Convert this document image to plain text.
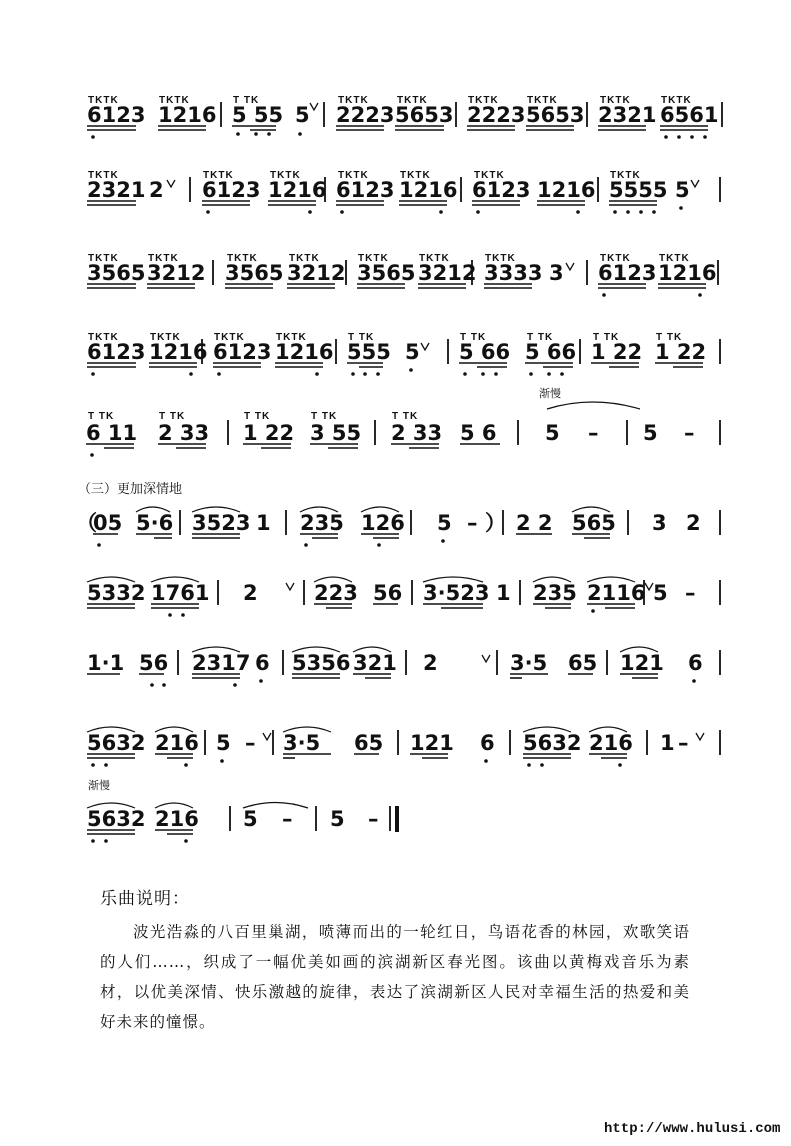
TKTK	TKTK	T TK	TKTK	TKTK	TKTK	TKTK	TKTK	TKTK
6123 1216 5 55 5 2223 5653 2223 5653 2321 6561
TKTK	TKTK	TKTK	TKTK	TKTK	TKTK	TKTK
2321 2 6123 1216 6123 1216 6123 1216 5555 5
TKTK	TKTK	TKTK	TKTK	TKTK	TKTK	TKTK	TKTK	TKTK
3565 3212 3565 3212 3565 3212 3333 3 6123 1216
TKTK	TKTK	TKTK	TKTK	T TK	T TK	T TK	T TK	T TK
6123 1216 6123 1216 555 5 5 66 5 66 1 22 1 22
T TK	T TK	T TK	T TK	T TK
渐慢
6 11 2 33 1 22 3 55 2 33 5 6 5 – 5 –
（
05 5·6 3523 1 235 126 5 – ） 2 2 565 3 2
5332 1761 2	223 56 3·523 1 235 2116 5 –
1·1 56 2317 6 5356 321 2	3·5 65 121 6
5632 216 5 – 3·5 65 121 6 5632 216 1 –
渐慢
5632 216 5 – 5 –
（三）更加深情地
乐曲说明：
波光浩淼的八百里巢湖，喷薄而出的一轮红日，鸟语花香的林园，欢歌笑语的人们……，织成了一幅优美如画的滨湖新区春光图。该曲以黄梅戏音乐为素材，以优美深情、快乐激越的旋律，表达了滨湖新区人民对幸福生活的热爱和美好未来的憧憬。
http://www.hulusi.com
